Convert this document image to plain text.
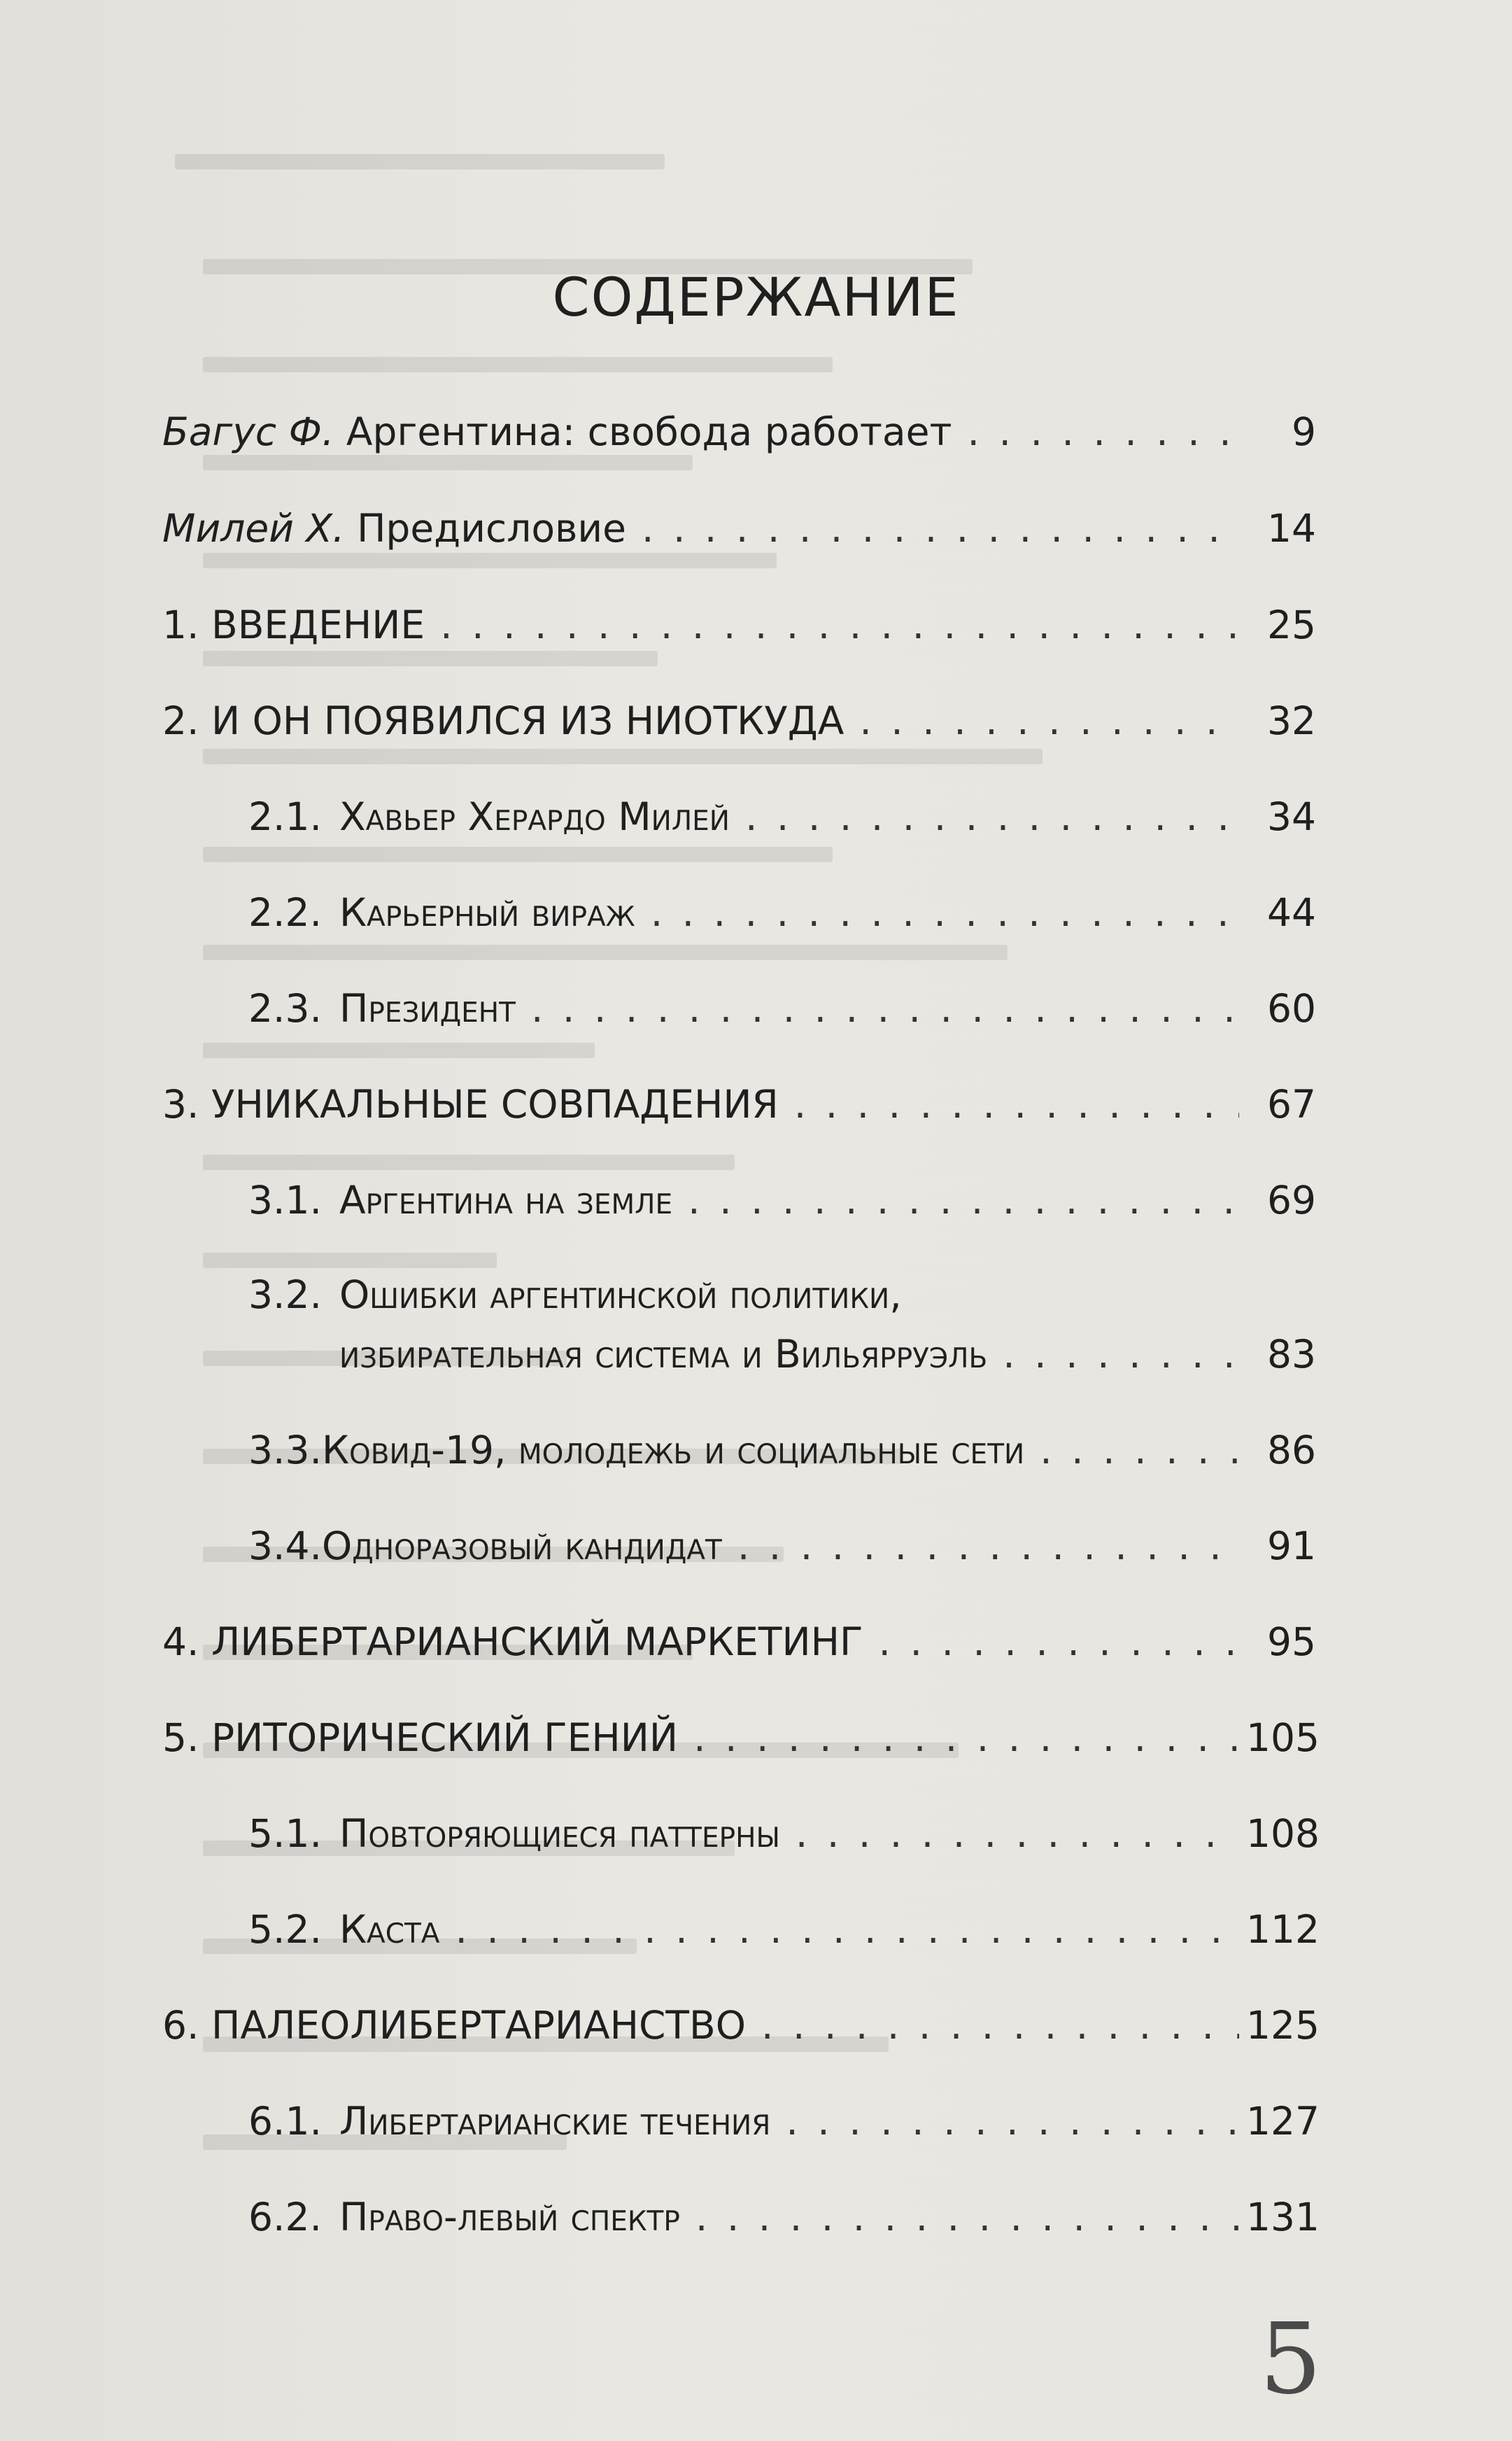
СОДЕРЖАНИЕ
Багус Ф. Аргентина: свобода работает . . .	9
Милей Х. Предисловие . . .	14
1. ВВЕДЕНИЕ . . .	25
2. И ОН ПОЯВИЛСЯ ИЗ НИОТКУДА . . .	32
2.1. Хавьер Херардо Милей . . .	34
2.2. Карьерный вираж . . .	44
2.3. Президент . . .	60
3. УНИКАЛЬНЫЕ СОВПАДЕНИЯ . . .	67
3.1. Аргентина на земле . . .	69
3.2. Ошибки аргентинской политики,
избирательная система и Вильярруэль . . .	83
3.3.Ковид-19, молодежь и социальные сети . . .	86
3.4.Одноразовый кандидат . . .	91
4. ЛИБЕРТАРИАНСКИЙ МАРКЕТИНГ . . .	95
5. РИТОРИЧЕСКИЙ ГЕНИЙ . . .	105
5.1. Повторяющиеся паттерны . . .	108
5.2. Каста . . .	112
6. ПАЛЕОЛИБЕРТАРИАНСТВО . . .	125
6.1. Либертарианские течения . . .	127
6.2. Право-левый спектр . . .	131
5
